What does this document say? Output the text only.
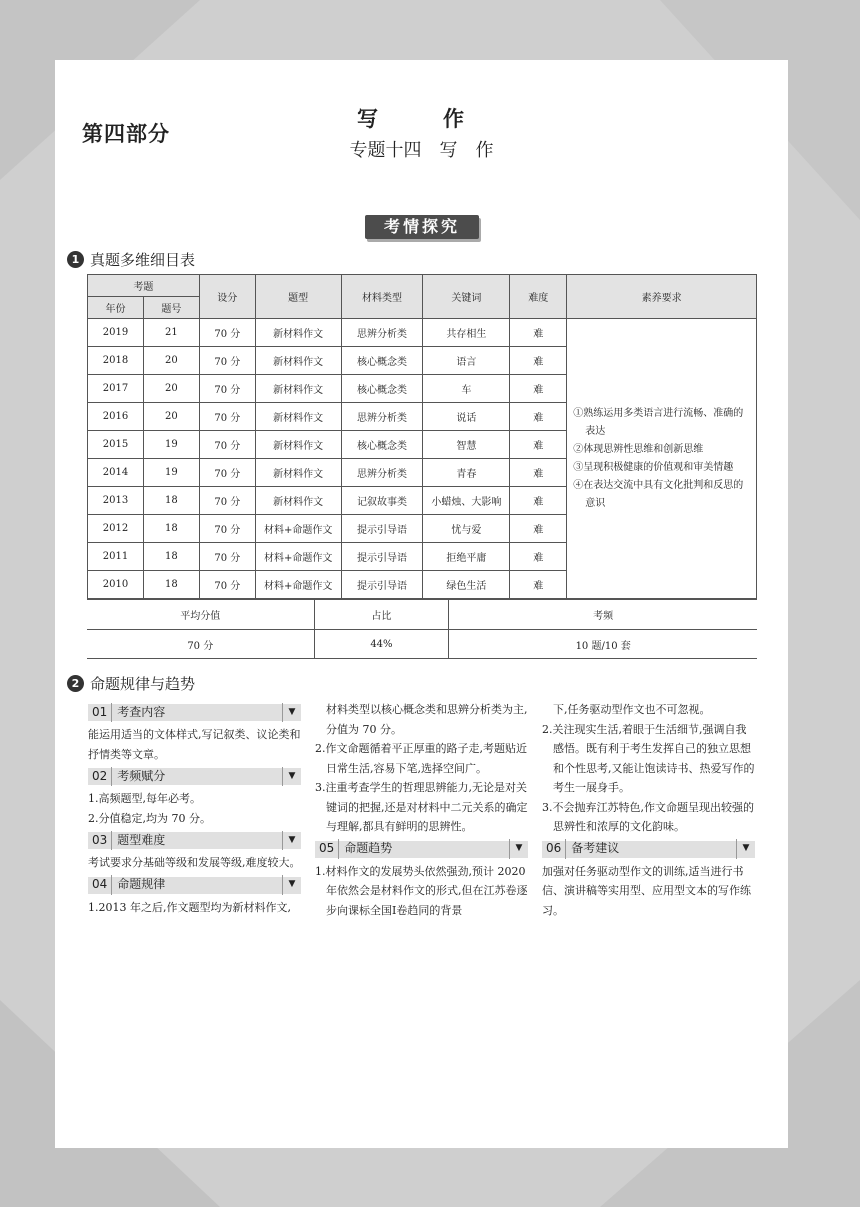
第四部分
写　作
专题十四　写　作
考情探究
1 真题多维细目表
考题		设分	题型	材料类型	关键词	难度	素养要求
年份	题号						
2019	21	70 分	新材料作文	思辨分析类	共存相生	难	①熟练运用多类语言进行流畅、准确的表达
②体现思辨性思维和创新思维
③呈现积极健康的价值观和审美情趣
④在表达交流中具有文化批判和反思的意识

2018	20	70 分	新材料作文	核心概念类	语言	难	
2017	20	70 分	新材料作文	核心概念类	车	难	
2016	20	70 分	新材料作文	思辨分析类	说话	难	
2015	19	70 分	新材料作文	核心概念类	智慧	难	
2014	19	70 分	新材料作文	思辨分析类	青春	难	
2013	18	70 分	新材料作文	记叙故事类	小蜡烛、大影响	难	
2012	18	70 分	材料+命题作文	提示引导语	忧与爱	难	
2011	18	70 分	材料+命题作文	提示引导语	拒绝平庸	难	
2010	18	70 分	材料+命题作文	提示引导语	绿色生活	难	
平均分值	占比	考频
70 分	44%	10 题/10 套
2 命题规律与趋势
01 考查内容	▼
能运用适当的文体样式,写记叙类、议论类和抒情类等文章。
02 考频赋分	▼
1.高频题型,每年必考。
2.分值稳定,均为 70 分。
03 题型难度	▼
考试要求分基础等级和发展等级,难度较大。
04 命题规律	▼
1.2013 年之后,作文题型均为新材料作文,
材料类型以核心概念类和思辨分析类为主,分值为 70 分。
2.作文命题循着平正厚重的路子走,考题贴近日常生活,容易下笔,选择空间广。
3.注重考查学生的哲理思辨能力,无论是对关键词的把握,还是对材料中二元关系的确定与理解,都具有鲜明的思辨性。
05 命题趋势	▼
1.材料作文的发展势头依然强劲,预计 2020 年依然会是材料作文的形式,但在江苏卷逐步向课标全国Ⅰ卷趋同的背景
下,任务驱动型作文也不可忽视。
2.关注现实生活,着眼于生活细节,强调自我感悟。既有利于考生发挥自己的独立思想和个性思考,又能让饱读诗书、热爱写作的考生一展身手。
3.不会抛弃江苏特色,作文命题呈现出较强的思辨性和浓厚的文化韵味。
06 备考建议	▼
加强对任务驱动型作文的训练,适当进行书信、演讲稿等实用型、应用型文本的写作练习。
